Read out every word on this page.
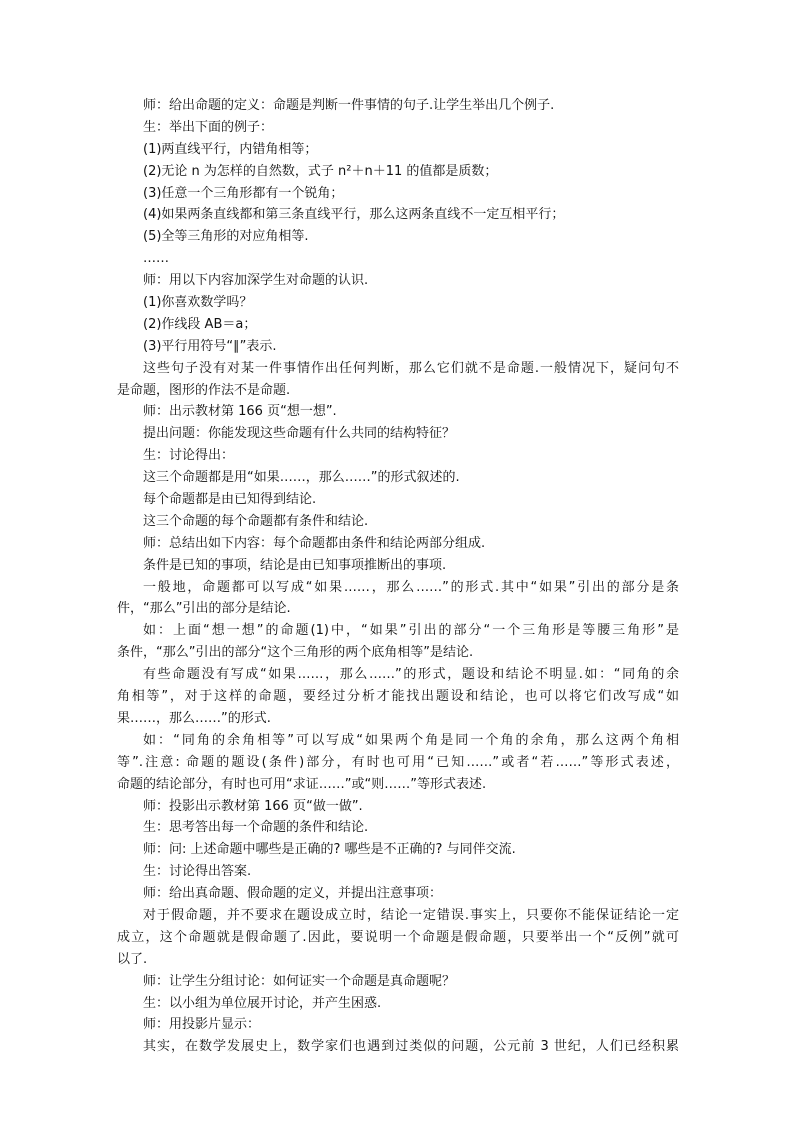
师：给出命题的定义：命题是判断一件事情的句子.让学生举出几个例子.
生：举出下面的例子：
(1)两直线平行，内错角相等；
(2)无论 n 为怎样的自然数，式子 n²＋n＋11 的值都是质数；
(3)任意一个三角形都有一个锐角；
(4)如果两条直线都和第三条直线平行，那么这两条直线不一定互相平行；
(5)全等三角形的对应角相等.
……
师：用以下内容加深学生对命题的认识.
(1)你喜欢数学吗？
(2)作线段 AB＝a；
(3)平行用符号“∥”表示.
这些句子没有对某一件事情作出任何判断，那么它们就不是命题.一般情况下，疑问句不
是命题，图形的作法不是命题.
师：出示教材第 166 页“想一想”.
提出问题：你能发现这些命题有什么共同的结构特征？
生：讨论得出：
这三个命题都是用“如果……，那么……”的形式叙述的.
每个命题都是由已知得到结论.
这三个命题的每个命题都有条件和结论.
师：总结出如下内容：每个命题都由条件和结论两部分组成.
条件是已知的事项，结论是由已知事项推断出的事项.
一般地，命题都可以写成“如果……，那么……”的形式.其中“如果”引出的部分是条
件，“那么”引出的部分是结论.
如：上面“想一想”的命题(1)中，“如果”引出的部分“一个三角形是等腰三角形”是
条件，“那么”引出的部分“这个三角形的两个底角相等”是结论.
有些命题没有写成“如果……，那么……”的形式，题设和结论不明显.如：“同角的余
角相等”，对于这样的命题，要经过分析才能找出题设和结论，也可以将它们改写成“如
果……，那么……”的形式.
如：“同角的余角相等”可以写成“如果两个角是同一个角的余角，那么这两个角相
等”.注意: 命题的题设(条件)部分，有时也可用“已知……”或者“若……”等形式表述，
命题的结论部分，有时也可用“求证……”或“则……”等形式表述.
师：投影出示教材第 166 页“做一做”.
生：思考答出每一个命题的条件和结论.
师：问: 上述命题中哪些是正确的? 哪些是不正确的? 与同伴交流.
生：讨论得出答案.
师：给出真命题、假命题的定义，并提出注意事项：
对于假命题，并不要求在题设成立时，结论一定错误.事实上，只要你不能保证结论一定
成立，这个命题就是假命题了.因此，要说明一个命题是假命题，只要举出一个“反例”就可
以了.
师：让学生分组讨论：如何证实一个命题是真命题呢？
生：以小组为单位展开讨论，并产生困惑.
师：用投影片显示：
其实，在数学发展史上，数学家们也遇到过类似的问题，公元前 3 世纪，人们已经积累
